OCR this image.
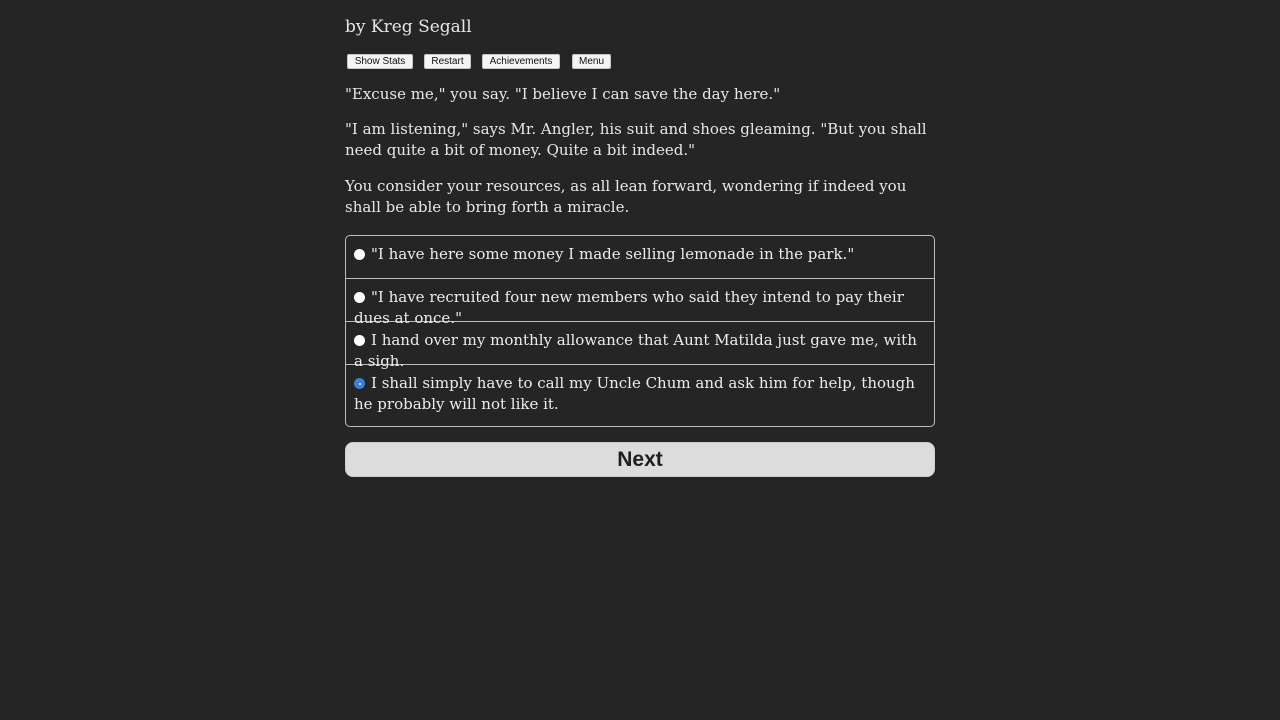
by Kreg Segall
Show Stats	Restart	Achievements	Menu
"Excuse me," you say. "I believe I can save the day here."
"I am listening," says Mr. Angler, his suit and shoes gleaming. "But you shall need quite a bit of money. Quite a bit indeed."
You consider your resources, as all lean forward, wondering if indeed you shall be able to bring forth a miracle.
"I have here some money I made selling lemonade in the park."
"I have recruited four new members who said they intend to pay their dues at once."
I hand over my monthly allowance that Aunt Matilda just gave me, with a sigh.
I shall simply have to call my Uncle Chum and ask him for help, though he probably will not like it.
Next
